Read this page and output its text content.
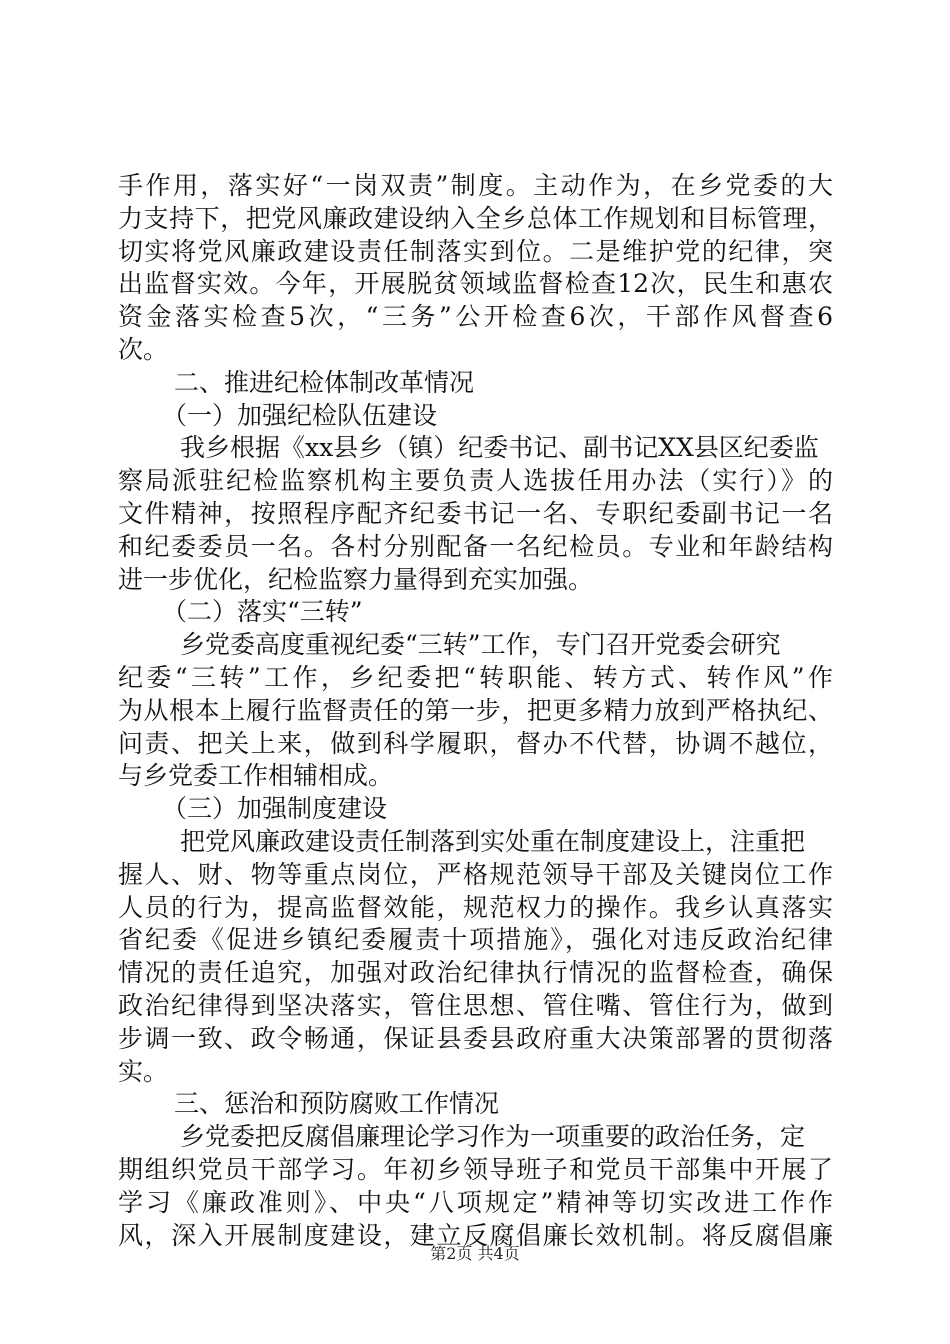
手作用，落实好“一岗双责”制度。主动作为，在乡党委的大
力支持下，把党风廉政建设纳入全乡总体工作规划和目标管理，
切实将党风廉政建设责任制落实到位。二是维护党的纪律，突
出监督实效。今年，开展脱贫领域监督检查12次，民生和惠农
资金落实检查5次，“三务”公开检查6次，干部作风督查6
次。
二、推进纪检体制改革情况
（一）加强纪检队伍建设
我乡根据《xx县乡（镇）纪委书记、副书记XX县区纪委监
察局派驻纪检监察机构主要负责人选拔任用办法（实行）》的
文件精神，按照程序配齐纪委书记一名、专职纪委副书记一名
和纪委委员一名。各村分别配备一名纪检员。专业和年龄结构
进一步优化，纪检监察力量得到充实加强。
（二）落实“三转”
乡党委高度重视纪委“三转”工作，专门召开党委会研究
纪委“三转”工作，乡纪委把“转职能、转方式、转作风”作
为从根本上履行监督责任的第一步，把更多精力放到严格执纪、
问责、把关上来，做到科学履职，督办不代替，协调不越位，
与乡党委工作相辅相成。
（三）加强制度建设
把党风廉政建设责任制落到实处重在制度建设上，注重把
握人、财、物等重点岗位，严格规范领导干部及关键岗位工作
人员的行为，提高监督效能，规范权力的操作。我乡认真落实
省纪委《促进乡镇纪委履责十项措施》，强化对违反政治纪律
情况的责任追究，加强对政治纪律执行情况的监督检查，确保
政治纪律得到坚决落实，管住思想、管住嘴、管住行为，做到
步调一致、政令畅通，保证县委县政府重大决策部署的贯彻落
实。
三、惩治和预防腐败工作情况
乡党委把反腐倡廉理论学习作为一项重要的政治任务，定
期组织党员干部学习。年初乡领导班子和党员干部集中开展了
学习《廉政准则》、中央“八项规定”精神等切实改进工作作
风，深入开展制度建设，建立反腐倡廉长效机制。将反腐倡廉
第2页 共4页
